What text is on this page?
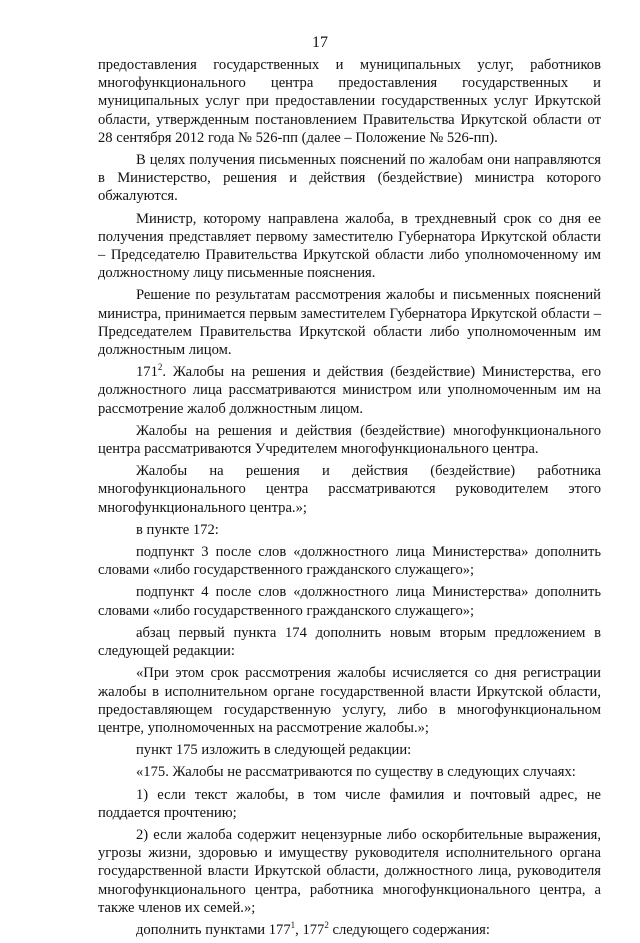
17

предоставления государственных и муниципальных услуг, работников многофункционального центра предоставления государственных и муниципальных услуг при предоставлении государственных услуг Иркутской области, утвержденным постановлением Правительства Иркутской области от 28 сентября 2012 года № 526-пп (далее – Положение № 526-пп).

В целях получения письменных пояснений по жалобам они направляются в Министерство, решения и действия (бездействие) министра которого обжалуются.

Министр, которому направлена жалоба, в трехдневный срок со дня ее получения представляет первому заместителю Губернатора Иркутской области – Председателю Правительства Иркутской области либо уполномоченному им должностному лицу письменные пояснения.

Решение по результатам рассмотрения жалобы и письменных пояснений министра, принимается первым заместителем Губернатора Иркутской области – Председателем Правительства Иркутской области либо уполномоченным им должностным лицом.

$171^2$. Жалобы на решения и действия (бездействие) Министерства, его должностного лица рассматриваются министром или уполномоченным им на рассмотрение жалоб должностным лицом.

Жалобы на решения и действия (бездействие) многофункционального центра рассматриваются Учредителем многофункционального центра.

Жалобы на решения и действия (бездействие) работника многофункционального центра рассматриваются руководителем этого многофункционального центра.»;

в пункте 172:

подпункт 3 после слов «должностного лица Министерства» дополнить словами «либо государственного гражданского служащего»;

подпункт 4 после слов «должностного лица Министерства» дополнить словами «либо государственного гражданского служащего»;

абзац первый пункта 174 дополнить новым вторым предложением в следующей редакции:

«При этом срок рассмотрения жалобы исчисляется со дня регистрации жалобы в исполнительном органе государственной власти Иркутской области, предоставляющем государственную услугу, либо в многофункциональном центре, уполномоченных на рассмотрение жалобы.»;

пункт 175 изложить в следующей редакции:

«175. Жалобы не рассматриваются по существу в следующих случаях:

1) если текст жалобы, в том числе фамилия и почтовый адрес, не поддается прочтению;

2) если жалоба содержит нецензурные либо оскорбительные выражения, угрозы жизни, здоровью и имуществу руководителя исполнительного органа государственной власти Иркутской области, должностного лица, руководителя многофункционального центра, работника многофункционального центра, а также членов их семей.»;

дополнить пунктами $177^1$, $177^2$ следующего содержания:
